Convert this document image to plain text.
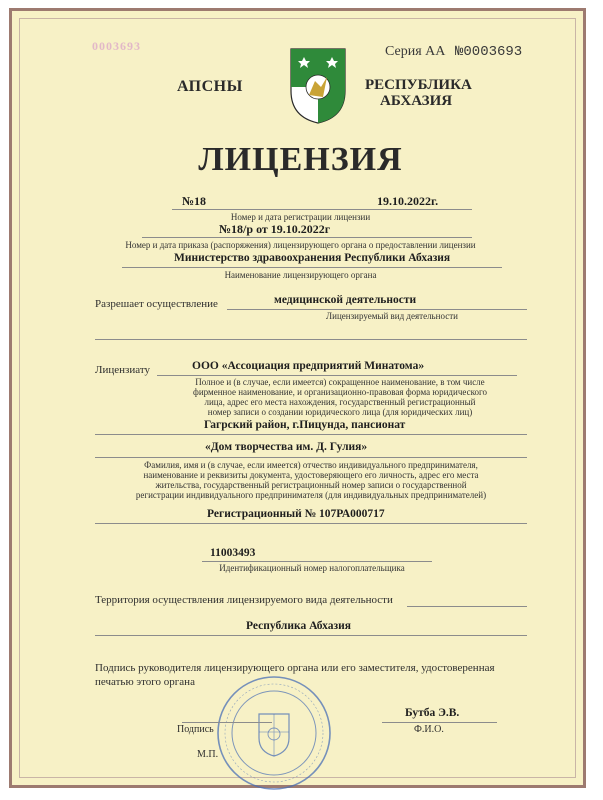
0003693	Серия АА №0003693
АПСНЫ	РЕСПУБЛИКА
АБХАЗИЯ
ЛИЦЕНЗИЯ
№18	19.10.2022г.
Номер и дата регистрации лицензии
№18/р от 19.10.2022г
Номер и дата приказа (распоряжения) лицензирующего органа о предоставлении лицензии
Министерство здравоохранения Республики Абхазия
Наименование лицензирующего органа
Разрешает осуществление	медицинской деятельности
Лицензируемый вид деятельности
Лицензиату	ООО «Ассоциация предприятий Минатома»
Полное и (в случае, если имеется) сокращенное наименование, в том числе
фирменное наименование, и организационно-правовая форма юридического
лица, адрес его места нахождения, государственный регистрационный
номер записи о создании юридического лица (для юридических лиц)
Гагрский район, г.Пицунда, пансионат
«Дом творчества им. Д. Гулия»
Фамилия, имя и (в случае, если имеется) отчество индивидуального предпринимателя,
наименование и реквизиты документа, удостоверяющего его личность, адрес его места
жительства, государственный регистрационный номер записи о государственной
регистрации индивидуального предпринимателя (для индивидуальных предпринимателей)
Регистрационный № 107РА000717
11003493
Идентификационный номер налогоплательщика
Территория осуществления лицензируемого вида деятельности
Республика Абхазия
Подпись руководителя лицензирующего органа или его заместителя, удостоверенная
печатью этого органа
Подпись
М.П.
Бутба Э.В.
Ф.И.О.
